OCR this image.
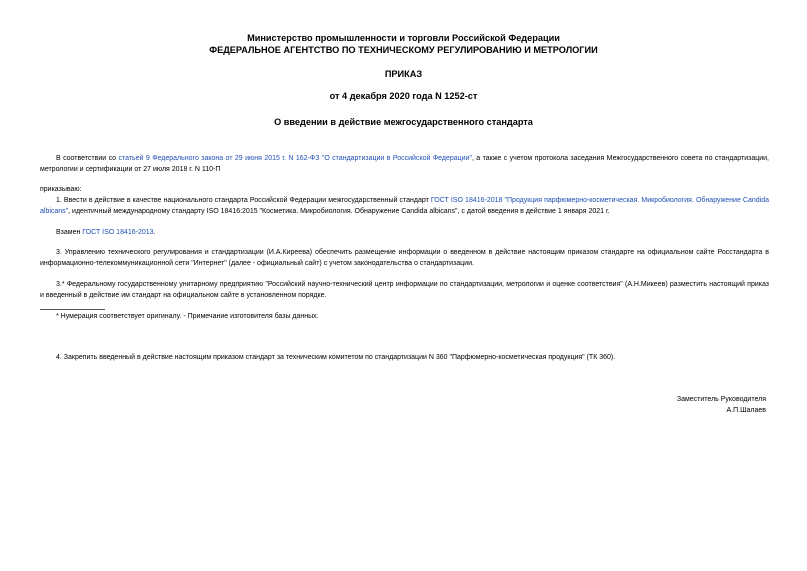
Министерство промышленности и торговли Российской Федерации
ФЕДЕРАЛЬНОЕ АГЕНТСТВО ПО ТЕХНИЧЕСКОМУ РЕГУЛИРОВАНИЮ И МЕТРОЛОГИИ
ПРИКАЗ
от 4 декабря 2020 года N 1252-ст
О введении в действие межгосударственного стандарта
В соответствии со статьей 9 Федерального закона от 29 июня 2015 г. N 162-ФЗ "О стандартизации в Российской Федерации", а также с учетом протокола заседания Межгосударственного совета по стандартизации, метрологии и сертификации от 27 июля 2018 г. N 110-П
приказываю:
1. Ввести в действие в качестве национального стандарта Российской Федерации межгосударственный стандарт ГОСТ ISO 18416-2018 "Продукция парфюмерно-косметическая. Микробиология. Обнаружение Candida albicans", идентичный международному стандарту ISO 18416:2015 "Косметика. Микробиология. Обнаружение Candida albicans", с датой введения в действие 1 января 2021 г.
Взамен ГОСТ ISO 18416-2013.
3. Управлению технического регулирования и стандартизации (И.А.Киреева) обеспечить размещение информации о введенном в действие настоящим приказом стандарте на официальном сайте Росстандарта в информационно-телекоммуникационной сети "Интернет" (далее - официальный сайт) с учетом законодательства о стандартизации.
3.* Федеральному государственному унитарному предприятию "Российский научно-технический центр информации по стандартизации, метрологии и оценке соответствия" (А.Н.Микеев) разместить настоящий приказ и введенный в действие им стандарт на официальном сайте в установленном порядке.
* Нумерация соответствует оригиналу. - Примечание изготовителя базы данных.
4. Закрепить введенный в действие настоящим приказом стандарт за техническим комитетом по стандартизации N 360 "Парфюмерно-косметическая продукция" (ТК 360).
Заместитель Руководителя
А.П.Шалаев
